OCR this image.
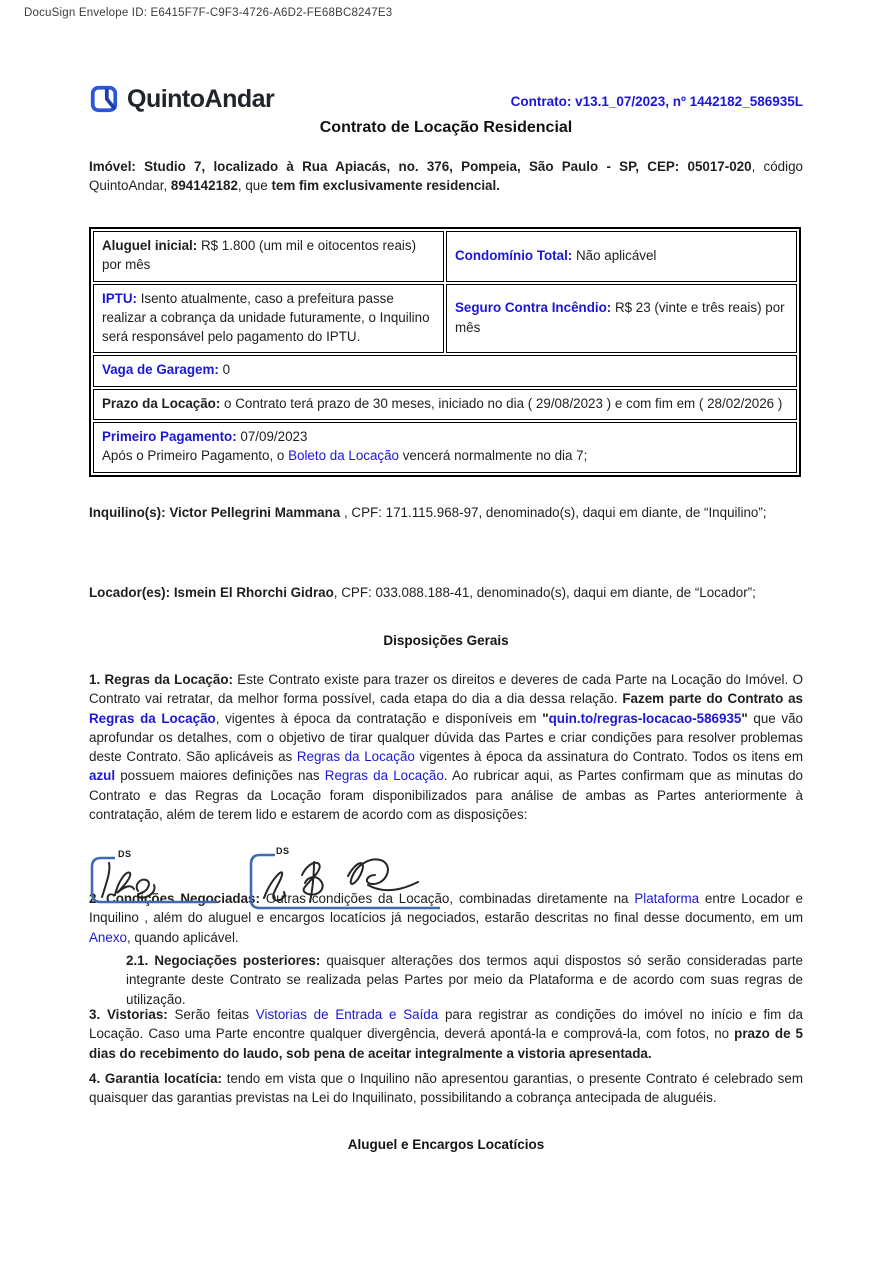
DocuSign Envelope ID: E6415F7F-C9F3-4726-A6D2-FE68BC8247E3
QuintoAndar	Contrato: v13.1_07/2023, nº 1442182_586935L
Contrato de Locação Residencial

Imóvel: Studio 7, localizado à Rua Apiacás, no. 376, Pompeia, São Paulo - SP, CEP: 05017-020, código QuintoAndar, 894142182, que tem fim exclusivamente residencial.

Aluguel inicial: R$ 1.800 (um mil e oitocentos reais) por mês	Condomínio Total: Não aplicável
IPTU: Isento atualmente, caso a prefeitura passe realizar a cobrança da unidade futuramente, o Inquilino será responsável pelo pagamento do IPTU.	Seguro Contra Incêndio: R$ 23 (vinte e três reais) por mês
Vaga de Garagem: 0	
Prazo da Locação: o Contrato terá prazo de 30 meses, iniciado no dia ( 29/08/2023 ) e com fim em ( 28/02/2026 )	

Primeiro Pagamento: 07/09/2023
Após o Primeiro Pagamento, o Boleto da Locação vencerá normalmente no dia 7;	

Inquilino(s): Victor Pellegrini Mammana , CPF: 171.115.968-97, denominado(s), daqui em diante, de “Inquilino”;

Locador(es): Ismein El Rhorchi Gidrao, CPF: 033.088.188-41, denominado(s), daqui em diante, de “Locador”;

Disposições Gerais

1. Regras da Locação: Este Contrato existe para trazer os direitos e deveres de cada Parte na Locação do Imóvel. O Contrato vai retratar, da melhor forma possível, cada etapa do dia a dia dessa relação. Fazem parte do Contrato as Regras da Locação, vigentes à época da contratação e disponíveis em "quin.to/regras-locacao-586935" que vão aprofundar os detalhes, com o objetivo de tirar qualquer dúvida das Partes e criar condições para resolver problemas deste Contrato. São aplicáveis as Regras da Locação vigentes à época da assinatura do Contrato. Todos os itens em azul possuem maiores definições nas Regras da Locação. Ao rubricar aqui, as Partes confirmam que as minutas do Contrato e das Regras da Locação foram disponibilizados para análise de ambas as Partes anteriormente à contratação, além de terem lido e estarem de acordo com as disposições:

DS	DS

2. Condições Negociadas: Outras condições da Locação, combinadas diretamente na Plataforma entre Locador e Inquilino , além do aluguel e encargos locatícios já negociados, estarão descritas no final desse documento, em um Anexo, quando aplicável.

2.1. Negociações posteriores: quaisquer alterações dos termos aqui dispostos só serão consideradas parte integrante deste Contrato se realizada pelas Partes por meio da Plataforma e de acordo com suas regras de utilização.

3. Vistorias: Serão feitas Vistorias de Entrada e Saída para registrar as condições do imóvel no início e fim da Locação. Caso uma Parte encontre qualquer divergência, deverá apontá-la e comprová-la, com fotos, no prazo de 5 dias do recebimento do laudo, sob pena de aceitar integralmente a vistoria apresentada.

4. Garantia locatícia: tendo em vista que o Inquilino não apresentou garantias, o presente Contrato é celebrado sem quaisquer das garantias previstas na Lei do Inquilinato, possibilitando a cobrança antecipada de aluguéis.

Aluguel e Encargos Locatícios
